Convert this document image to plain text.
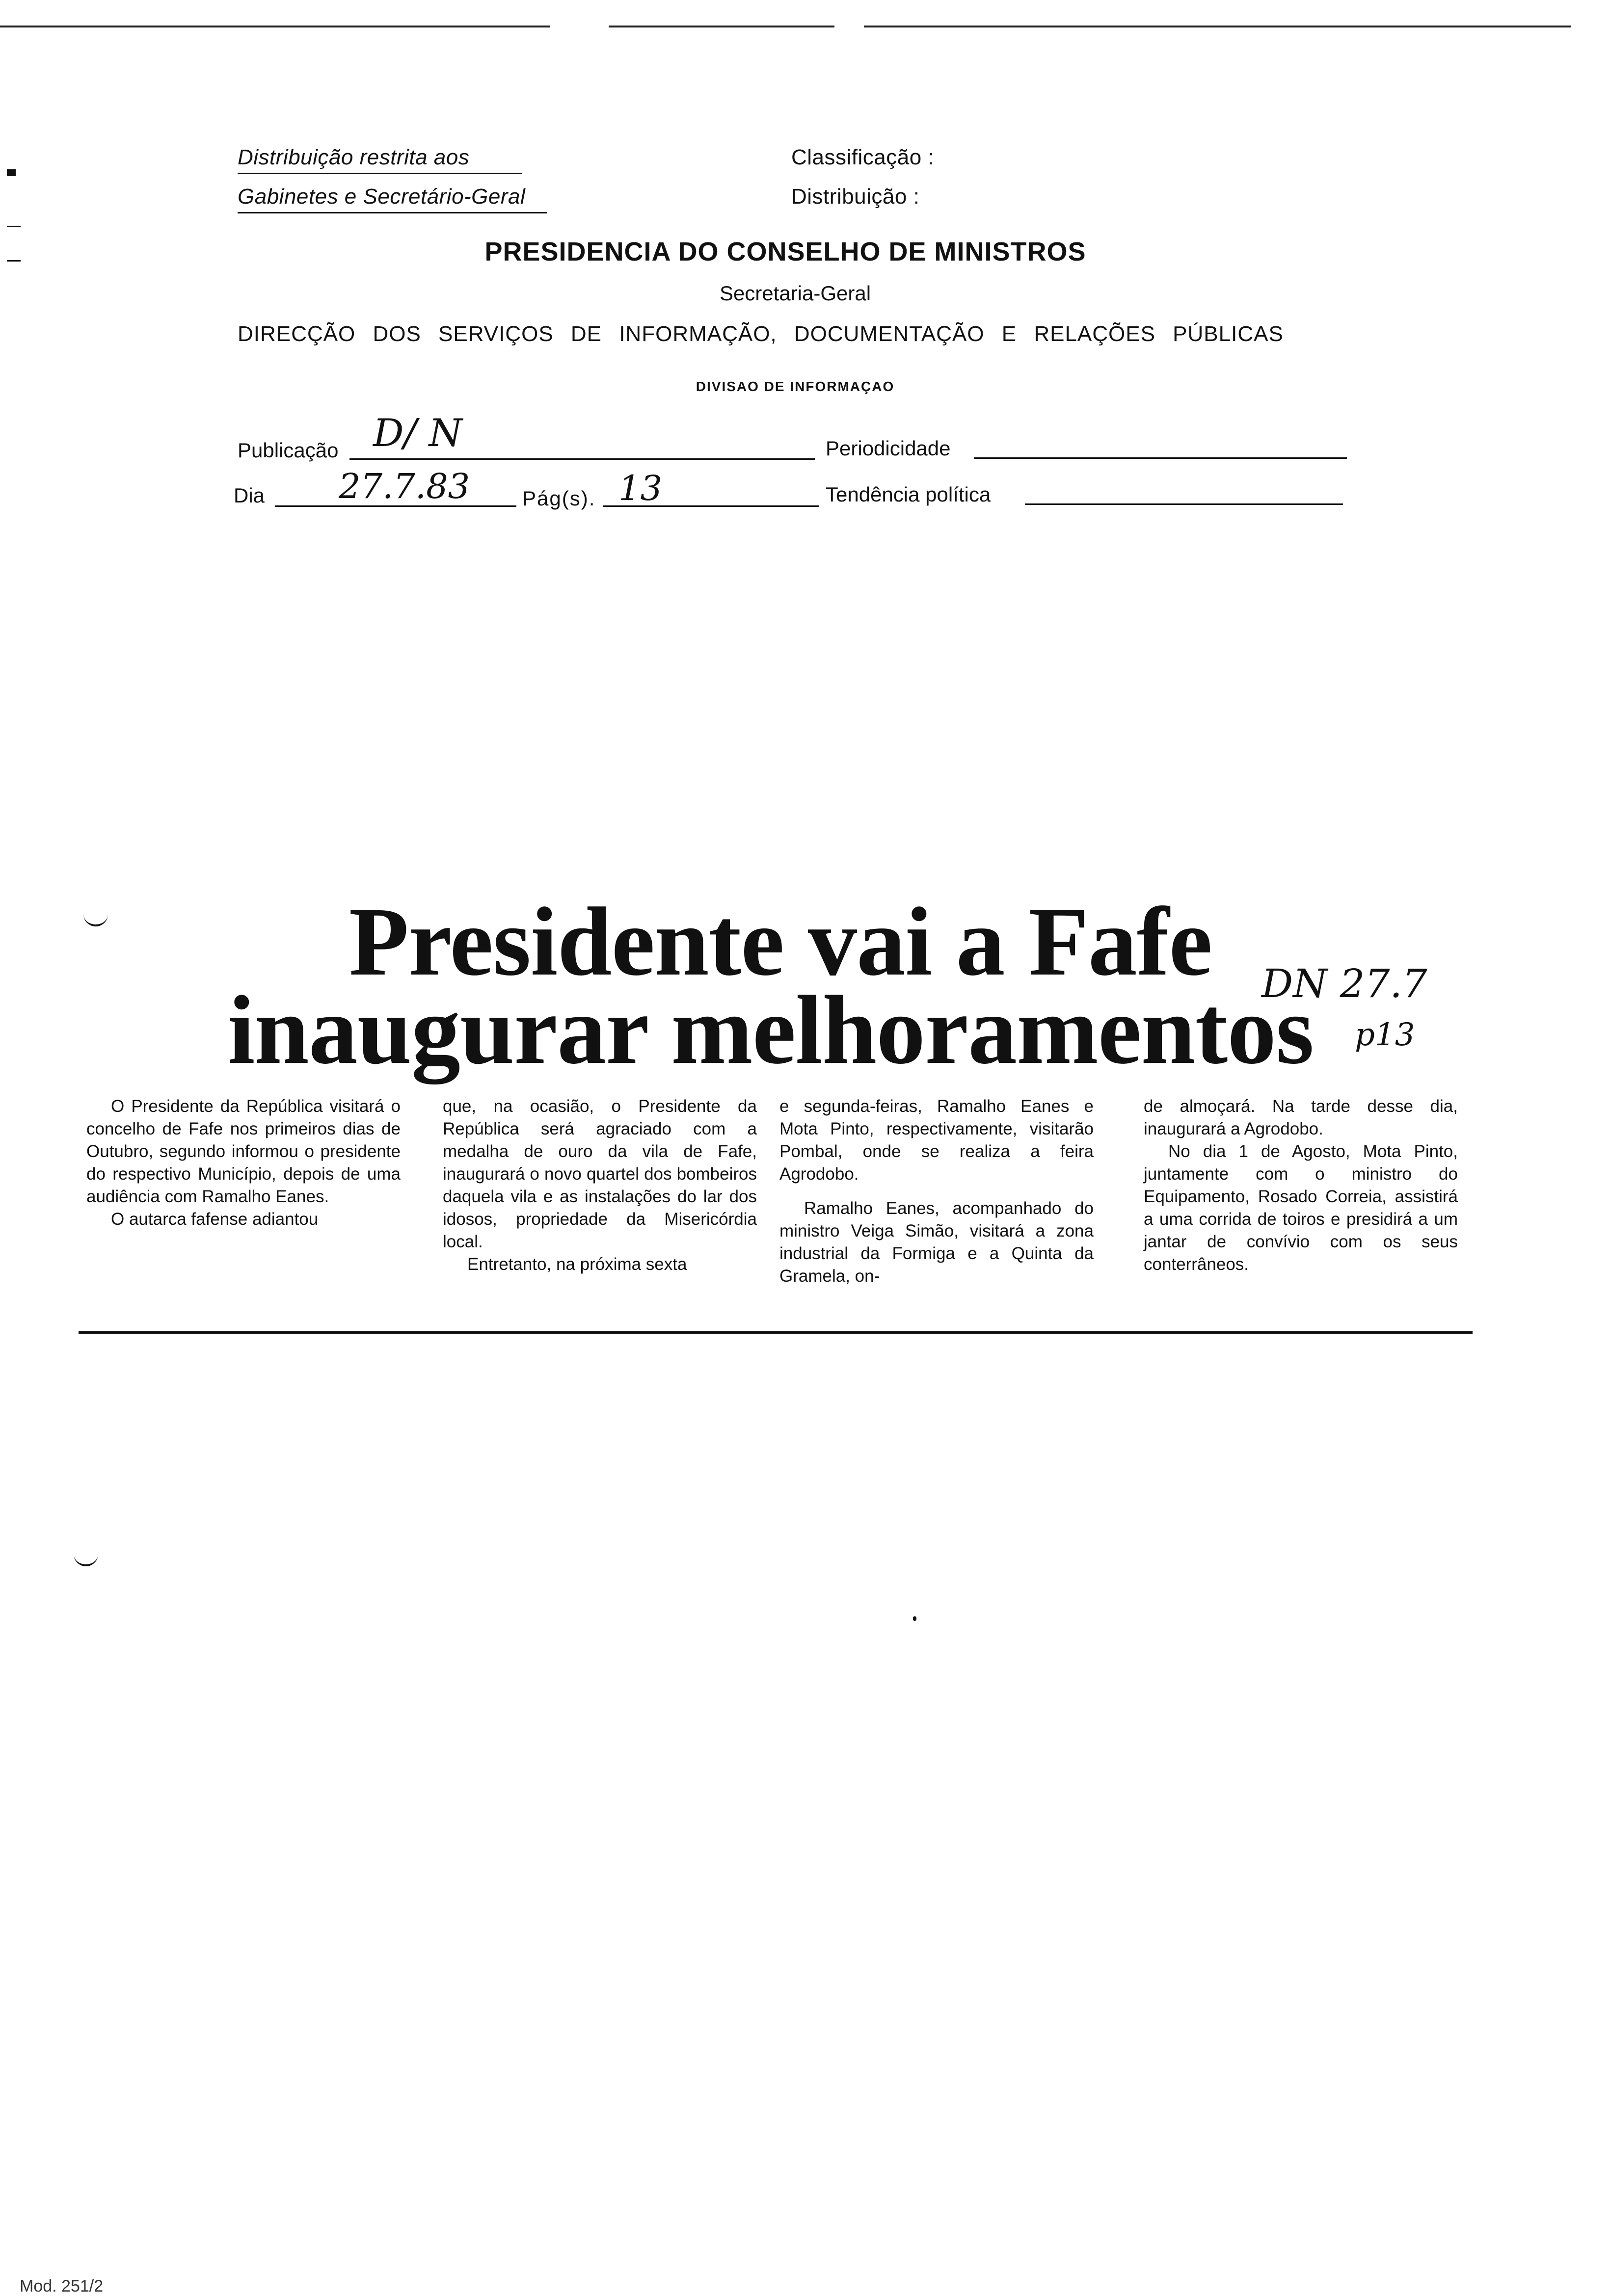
Distribuição restrita aos
Gabinetes e Secretário-Geral
Classificação :
Distribuição :
PRESIDENCIA DO CONSELHO DE MINISTROS
Secretaria-Geral
DIRECÇÃO DOS SERVIÇOS DE INFORMAÇÃO, DOCUMENTAÇÃO E RELAÇÕES PÚBLICAS
DIVISAO DE INFORMAÇAO
Publicação D/ N	Periodicidade
Dia 27.7.83	Pág(s). 13	Tendência política
Presidente vai a Fafe
inaugurar melhoramentos
DN 27.7
p13

O Presidente da República visitará o concelho de Fafe nos primeiros dias de Outubro, segundo informou o presidente do respectivo Município, depois de uma audiência com Ramalho Eanes.

O autarca fafense adiantou

que, na ocasião, o Presidente da República será agraciado com a medalha de ouro da vila de Fafe, inaugurará o novo quartel dos bombeiros daquela vila e as instalações do lar dos idosos, propriedade da Misericórdia local.

Entretanto, na próxima sexta

e segunda-feiras, Ramalho Eanes e Mota Pinto, respectivamente, visitarão Pombal, onde se realiza a feira Agrodobo.

Ramalho Eanes, acompanhado do ministro Veiga Simão, visitará a zona industrial da Formiga e a Quinta da Gramela, on-

de almoçará. Na tarde desse dia, inaugurará a Agrodobo.

No dia 1 de Agosto, Mota Pinto, juntamente com o ministro do Equipamento, Rosado Correia, assistirá a uma corrida de toiros e presidirá a um jantar de convívio com os seus conterrâneos.

Mod. 251/2
